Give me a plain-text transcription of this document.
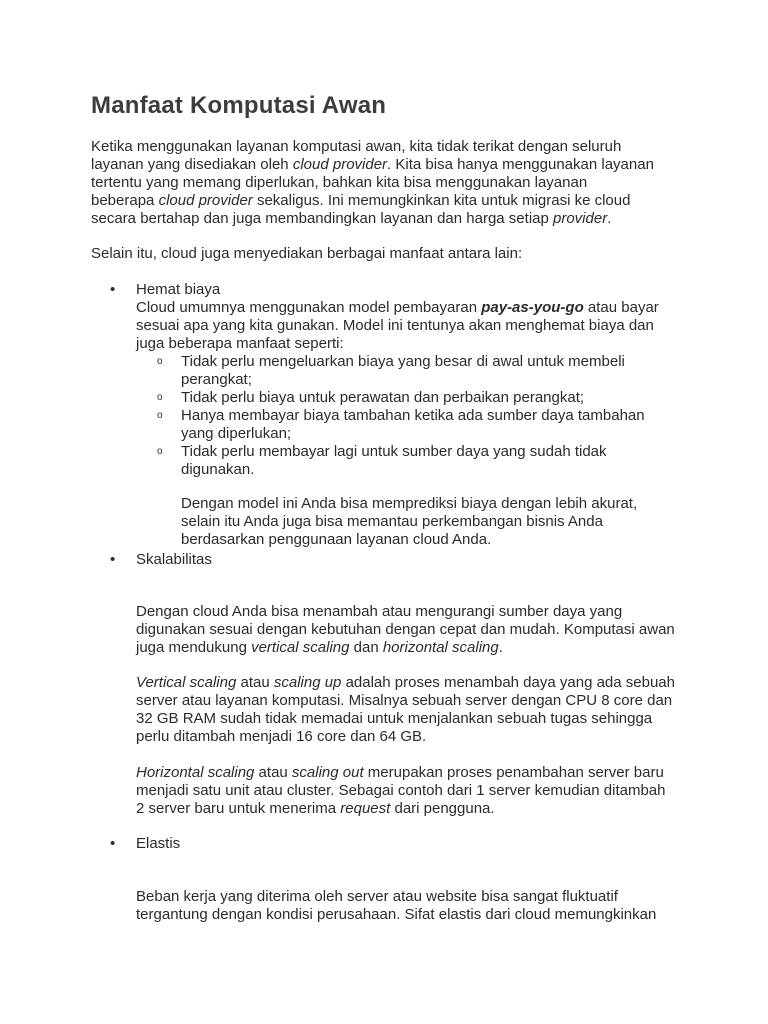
Manfaat Komputasi Awan
Ketika menggunakan layanan komputasi awan, kita tidak terikat dengan seluruh
layanan yang disediakan oleh cloud provider. Kita bisa hanya menggunakan layanan
tertentu yang memang diperlukan, bahkan kita bisa menggunakan layanan
beberapa cloud provider sekaligus. Ini memungkinkan kita untuk migrasi ke cloud
secara bertahap dan juga membandingkan layanan dan harga setiap provider.
Selain itu, cloud juga menyediakan berbagai manfaat antara lain:
• Hemat biaya
Cloud umumnya menggunakan model pembayaran pay-as-you-go atau bayar
sesuai apa yang kita gunakan. Model ini tentunya akan menghemat biaya dan
juga beberapa manfaat seperti:
o Tidak perlu mengeluarkan biaya yang besar di awal untuk membeli
perangkat;
o Tidak perlu biaya untuk perawatan dan perbaikan perangkat;
o Hanya membayar biaya tambahan ketika ada sumber daya tambahan
yang diperlukan;
o Tidak perlu membayar lagi untuk sumber daya yang sudah tidak
digunakan.
Dengan model ini Anda bisa memprediksi biaya dengan lebih akurat,
selain itu Anda juga bisa memantau perkembangan bisnis Anda
berdasarkan penggunaan layanan cloud Anda.
• Skalabilitas
Dengan cloud Anda bisa menambah atau mengurangi sumber daya yang
digunakan sesuai dengan kebutuhan dengan cepat dan mudah. Komputasi awan
juga mendukung vertical scaling dan horizontal scaling.
Vertical scaling atau scaling up adalah proses menambah daya yang ada sebuah
server atau layanan komputasi. Misalnya sebuah server dengan CPU 8 core dan
32 GB RAM sudah tidak memadai untuk menjalankan sebuah tugas sehingga
perlu ditambah menjadi 16 core dan 64 GB.
Horizontal scaling atau scaling out merupakan proses penambahan server baru
menjadi satu unit atau cluster. Sebagai contoh dari 1 server kemudian ditambah
2 server baru untuk menerima request dari pengguna.
• Elastis
Beban kerja yang diterima oleh server atau website bisa sangat fluktuatif
tergantung dengan kondisi perusahaan. Sifat elastis dari cloud memungkinkan
